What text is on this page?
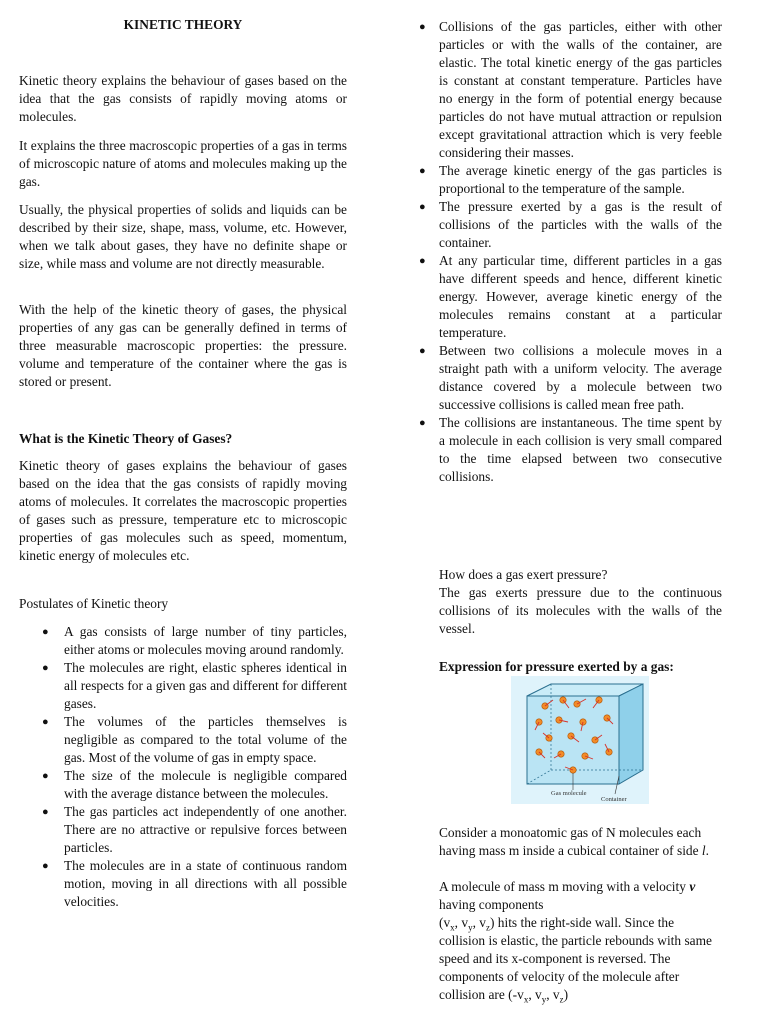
KINETIC THEORY

Kinetic theory explains the behaviour of gases based on the idea that the gas consists of rapidly moving atoms or molecules.

It explains the three macroscopic properties of a gas in terms of microscopic nature of atoms and molecules making up the gas.

Usually, the physical properties of solids and liquids can be described by their size, shape, mass, volume, etc. However, when we talk about gases, they have no definite shape or size, while mass and volume are not directly measurable.

With the help of the kinetic theory of gases, the physical properties of any gas can be generally defined in terms of three measurable macroscopic properties: the pressure. volume and temperature of the container where the gas is stored or present.

What is the Kinetic Theory of Gases?

Kinetic theory of gases explains the behaviour of gases based on the idea that the gas consists of rapidly moving atoms of molecules. It correlates the macroscopic properties of gases such as pressure, temperature etc to microscopic properties of gas molecules such as speed, momentum, kinetic energy of molecules etc.

Postulates of Kinetic theory

● A gas consists of large number of tiny particles, either atoms or molecules moving around randomly.
● The molecules are right, elastic spheres identical in all respects for a given gas and different for different gases.
● The volumes of the particles themselves is negligible as compared to the total volume of the gas. Most of the volume of gas in empty space.
● The size of the molecule is negligible compared with the average distance between the molecules.
● The gas particles act independently of one another. There are no attractive or repulsive forces between particles.
● The molecules are in a state of continuous random motion, moving in all directions with all possible velocities.
● Collisions of the gas particles, either with other particles or with the walls of the container, are elastic. The total kinetic energy of the gas particles is constant at constant temperature. Particles have no energy in the form of potential energy because particles do not have mutual attraction or repulsion except gravitational attraction which is very feeble considering their masses.
● The average kinetic energy of the gas particles is proportional to the temperature of the sample.
● The pressure exerted by a gas is the result of collisions of the particles with the walls of the container.
● At any particular time, different particles in a gas have different speeds and hence, different kinetic energy. However, average kinetic energy of the molecules remains constant at a particular temperature.
● Between two collisions a molecule moves in a straight path with a uniform velocity. The average distance covered by a molecule between two successive collisions is called mean free path.
● The collisions are instantaneous. The time spent by a molecule in each collision is very small compared to the time elapsed between two consecutive collisions.

How does a gas exert pressure?

The gas exerts pressure due to the continuous collisions of its molecules with the walls of the vessel.

Expression for pressure exerted by a gas:

Gas molecule
Container

Consider a monoatomic gas of N molecules each having mass m inside a cubical container of side l.

A molecule of mass m moving with a velocity v having components
($v_x$, $v_y$, $v_z$) hits the right-side wall. Since the collision is elastic, the particle rebounds with same speed and its x-component is reversed. The components of velocity of the molecule after collision are ($-v_x$, $v_y$, $v_z$)
